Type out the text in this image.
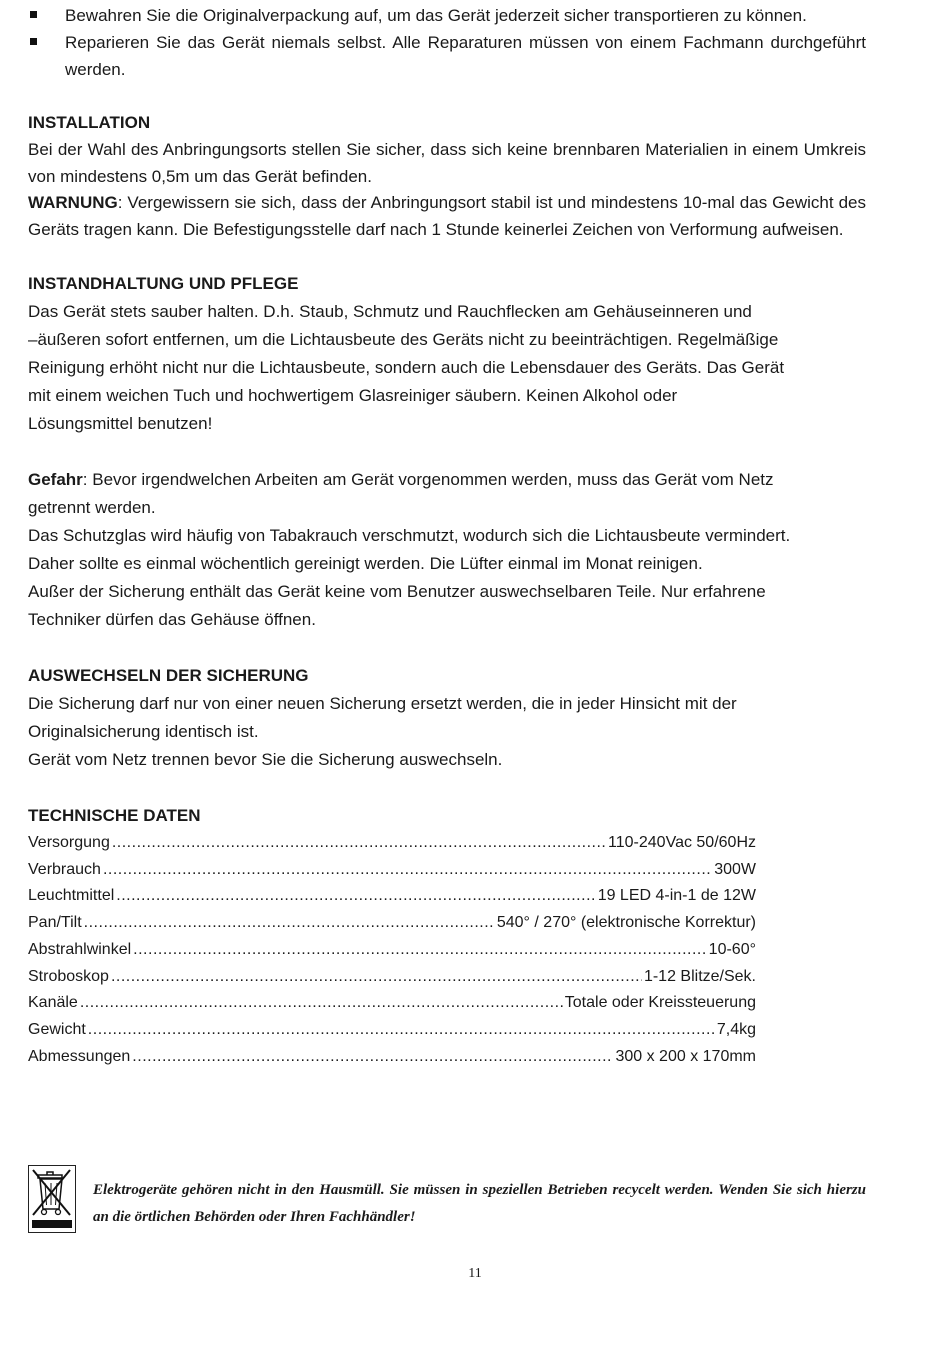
Bewahren Sie die Originalverpackung auf, um das Gerät jederzeit sicher transportieren zu können.
Reparieren Sie das Gerät niemals selbst. Alle Reparaturen müssen von einem Fachmann durchgeführt werden.

INSTALLATION

Bei der Wahl des Anbringungsorts stellen Sie sicher, dass sich keine brennbaren Materialien in einem Umkreis von mindestens 0,5m um das Gerät befinden.

WARNUNG: Vergewissern sie sich, dass der Anbringungsort stabil ist und mindestens 10-mal das Gewicht des Geräts tragen kann. Die Befestigungsstelle darf nach 1 Stunde keinerlei Zeichen von Verformung aufweisen.

INSTANDHALTUNG UND PFLEGE

Das Gerät stets sauber halten. D.h. Staub, Schmutz und Rauchflecken am Gehäuseinneren und

–äußeren sofort entfernen, um die Lichtausbeute des Geräts nicht zu beeinträchtigen. Regelmäßige

Reinigung erhöht nicht nur die Lichtausbeute, sondern auch die Lebensdauer des Geräts. Das Gerät

mit einem weichen Tuch und hochwertigem Glasreiniger säubern. Keinen Alkohol oder

Lösungsmittel benutzen!

Gefahr: Bevor irgendwelchen Arbeiten am Gerät vorgenommen werden, muss das Gerät vom Netz

getrennt werden.

Das Schutzglas wird häufig von Tabakrauch verschmutzt, wodurch sich die Lichtausbeute vermindert.

Daher sollte es einmal wöchentlich gereinigt werden. Die Lüfter einmal im Monat reinigen.

Außer der Sicherung enthält das Gerät keine vom Benutzer auswechselbaren Teile. Nur erfahrene

Techniker dürfen das Gehäuse öffnen.

AUSWECHSELN DER SICHERUNG

Die Sicherung darf nur von einer neuen Sicherung ersetzt werden, die in jeder Hinsicht mit der

Originalsicherung identisch ist.

Gerät vom Netz trennen bevor Sie die Sicherung auswechseln.

TECHNISCHE DATEN

Versorgung .....	110-240Vac 50/60Hz
Verbrauch .....	300W
Leuchtmittel .....	19 LED 4-in-1 de 12W
Pan/Tilt .....	540° / 270° (elektronische Korrektur)
Abstrahlwinkel .....	10-60°
Stroboskop .....	1-12 Blitze/Sek.
Kanäle .....	Totale oder Kreissteuerung
Gewicht .....	7,4kg
Abmessungen .....	300 x 200 x 170mm
Elektrogeräte gehören nicht in den Hausmüll. Sie müssen in speziellen Betrieben recycelt werden. Wenden Sie sich hierzu an die örtlichen Behörden oder Ihren Fachhändler!
11
